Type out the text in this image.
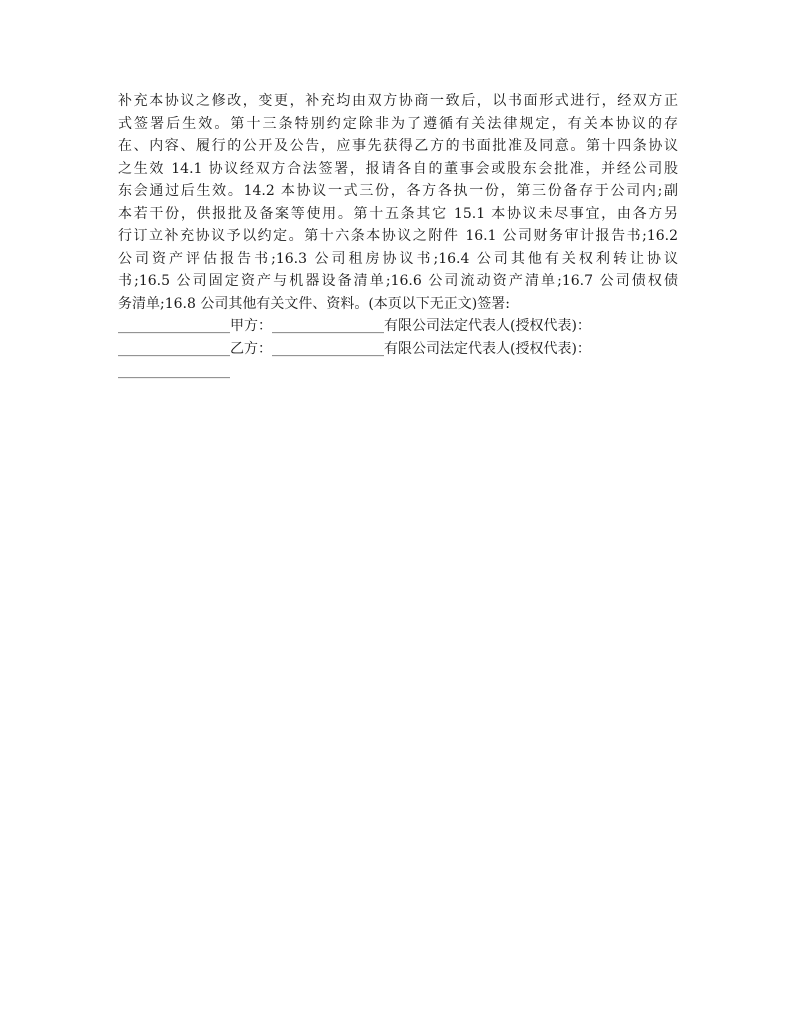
补充本协议之修改，变更，补充均由双方协商一致后，以书面形式进行，经双方正
式签署后生效。第十三条特别约定除非为了遵循有关法律规定，有关本协议的存
在、内容、履行的公开及公告，应事先获得乙方的书面批准及同意。第十四条协议
之生效 14.1 协议经双方合法签署，报请各自的董事会或股东会批准，并经公司股
东会通过后生效。14.2 本协议一式三份，各方各执一份，第三份备存于公司内;副
本若干份，供报批及备案等使用。第十五条其它 15.1 本协议未尽事宜，由各方另
行订立补充协议予以约定。第十六条本协议之附件 16.1 公司财务审计报告书;16.2
公司资产评估报告书;16.3 公司租房协议书;16.4 公司其他有关权利转让协议
书;16.5 公司固定资产与机器设备清单;16.6 公司流动资产清单;16.7 公司债权债
务清单;16.8 公司其他有关文件、资料。(本页以下无正文)签署:
________________甲方：________________有限公司法定代表人(授权代表)：
________________乙方：________________有限公司法定代表人(授权代表)：
________________
